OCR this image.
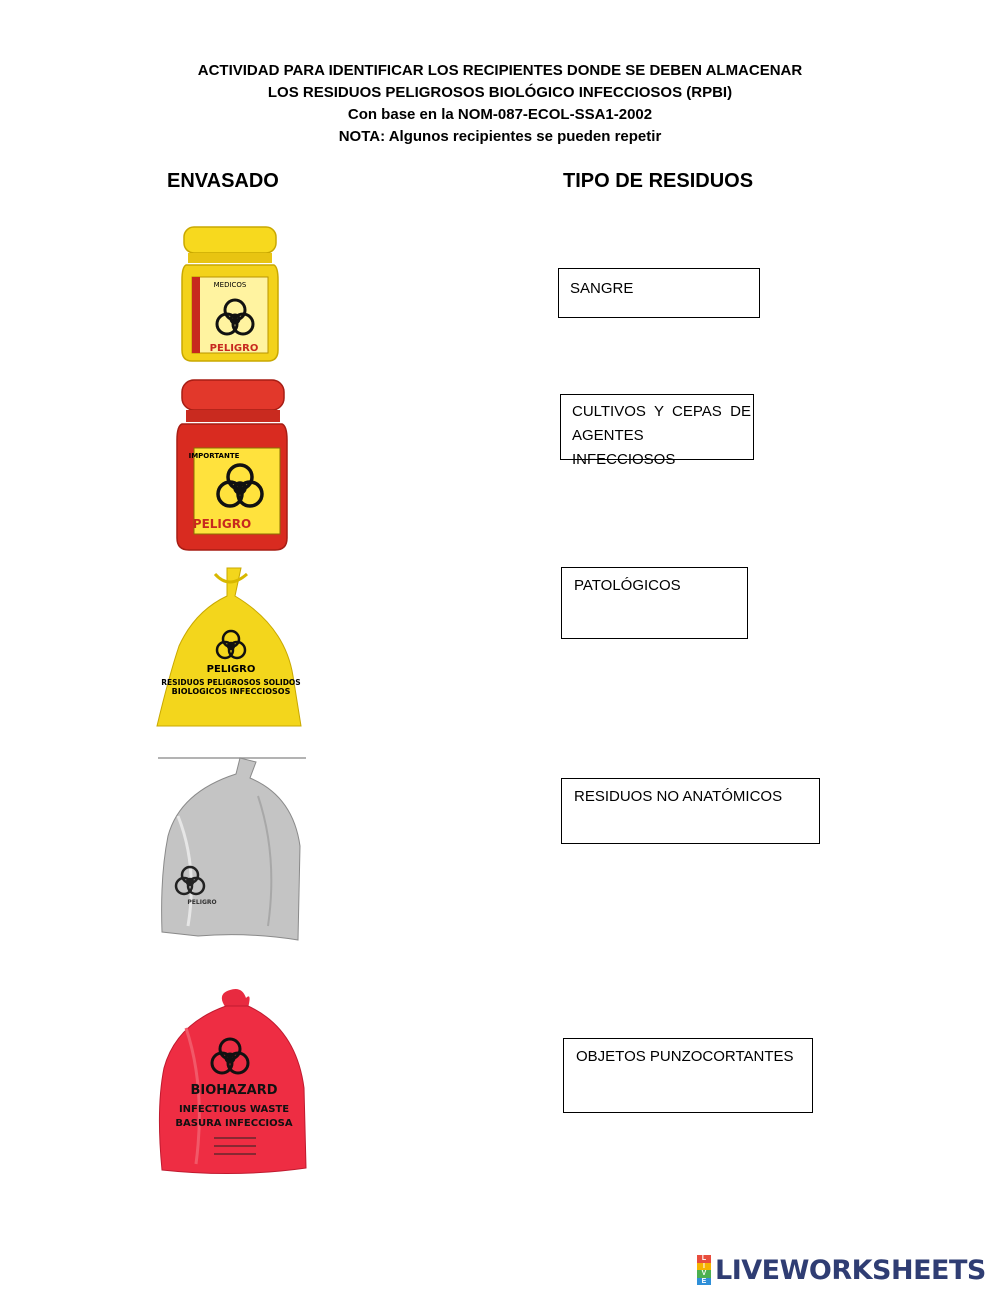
ACTIVIDAD PARA IDENTIFICAR LOS RECIPIENTES DONDE SE DEBEN ALMACENAR
LOS RESIDUOS PELIGROSOS BIOLÓGICO INFECCIOSOS (RPBI)
Con base en la NOM-087-ECOL-SSA1-2002
NOTA: Algunos recipientes se pueden repetir
ENVASADO	TIPO DE RESIDUOS
MEDICOS
PELIGRO
IMPORTANTE
PELIGRO
PELIGRO
RESIDUOS PELIGROSOS SOLIDOS
BIOLOGICOS INFECCIOSOS
PELIGRO
BIOHAZARD
INFECTIOUS WASTE
BASURA INFECCIOSA
SANGRE
CULTIVOS  Y  CEPAS  DE
AGENTES INFECCIOSOS
PATOLÓGICOS
RESIDUOS NO ANATÓMICOS
OBJETOS PUNZOCORTANTES
L
I
V
E LIVEWORKSHEETS
